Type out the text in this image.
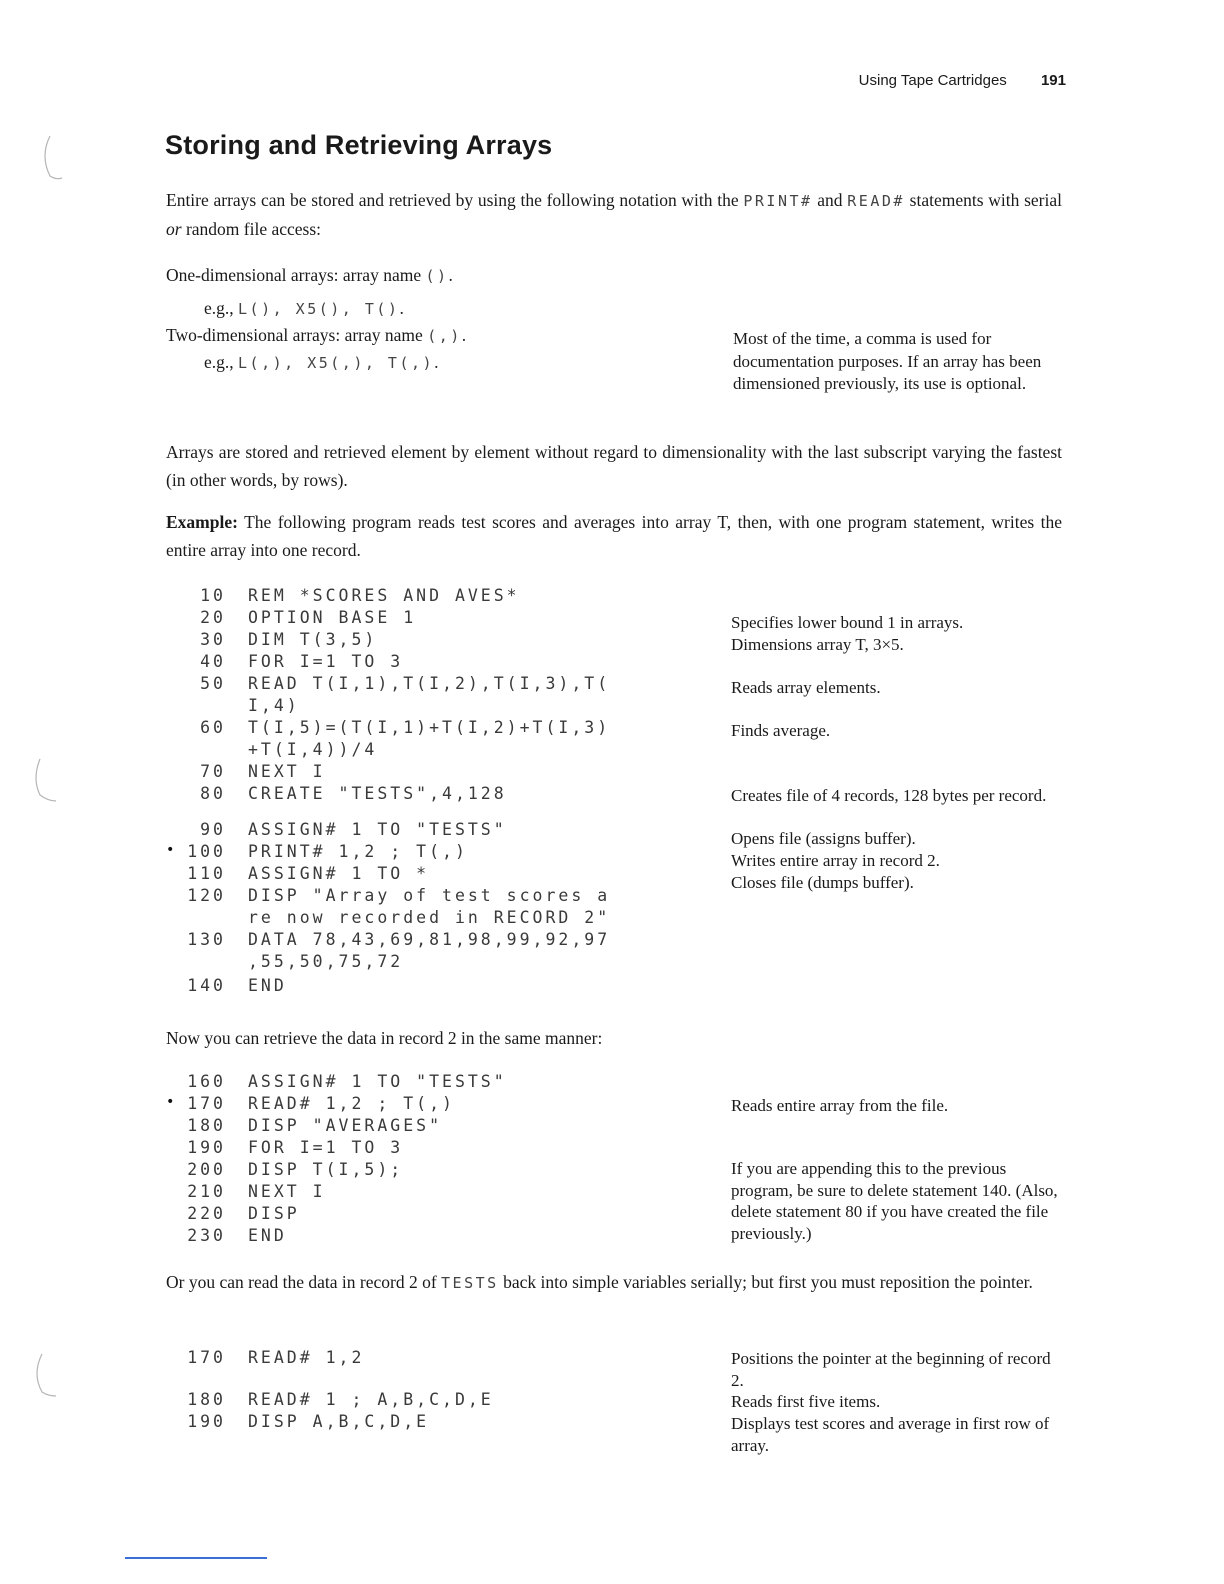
Using Tape Cartridges 191
Storing and Retrieving Arrays
Entire arrays can be stored and retrieved by using the following notation with the PRINT# and READ# statements with serial or random file access:
One-dimensional arrays: array name ().
e.g., L(), X5(), T().
Two-dimensional arrays: array name (,).
e.g., L(,), X5(,), T(,).
Most of the time, a comma is used for documentation purposes. If an array has been dimensioned previously, its use is optional.
Arrays are stored and retrieved element by element without regard to dimensionality with the last subscript varying the fastest (in other words, by rows).
Example: The following program reads test scores and averages into array T, then, with one program statement, writes the entire array into one record.
10 REM *SCORES AND AVES*
20 OPTION BASE 1
30 DIM T(3,5)
40 FOR I=1 TO 3
50 READ T(I,1),T(I,2),T(I,3),T(
I,4)
60 T(I,5)=(T(I,1)+T(I,2)+T(I,3)
+T(I,4))/4
70 NEXT I
80 CREATE "TESTS",4,128
90 ASSIGN# 1 TO "TESTS"
• 100 PRINT# 1,2 ; T(,)
110 ASSIGN# 1 TO *
120 DISP "Array of test scores a
re now recorded in RECORD 2"
130 DATA 78,43,69,81,98,99,92,97
,55,50,75,72
140 END
Specifies lower bound 1 in arrays.
Dimensions array T, 3×5.
Reads array elements.
Finds average.
Creates file of 4 records, 128 bytes per record.
Opens file (assigns buffer).
Writes entire array in record 2.
Closes file (dumps buffer).
Now you can retrieve the data in record 2 in the same manner:
160 ASSIGN# 1 TO "TESTS"
• 170 READ# 1,2 ; T(,)
180 DISP "AVERAGES"
190 FOR I=1 TO 3
200 DISP T(I,5);
210 NEXT I
220 DISP
230 END
Reads entire array from the file.
If you are appending this to the previous program, be sure to delete statement 140. (Also, delete statement 80 if you have created the file previously.)
Or you can read the data in record 2 of TESTS back into simple variables serially; but first you must reposition the pointer.
170 READ# 1,2
180 READ# 1 ; A,B,C,D,E
190 DISP A,B,C,D,E
Positions the pointer at the beginning of record 2.
Reads first five items.
Displays test scores and average in first row of array.
